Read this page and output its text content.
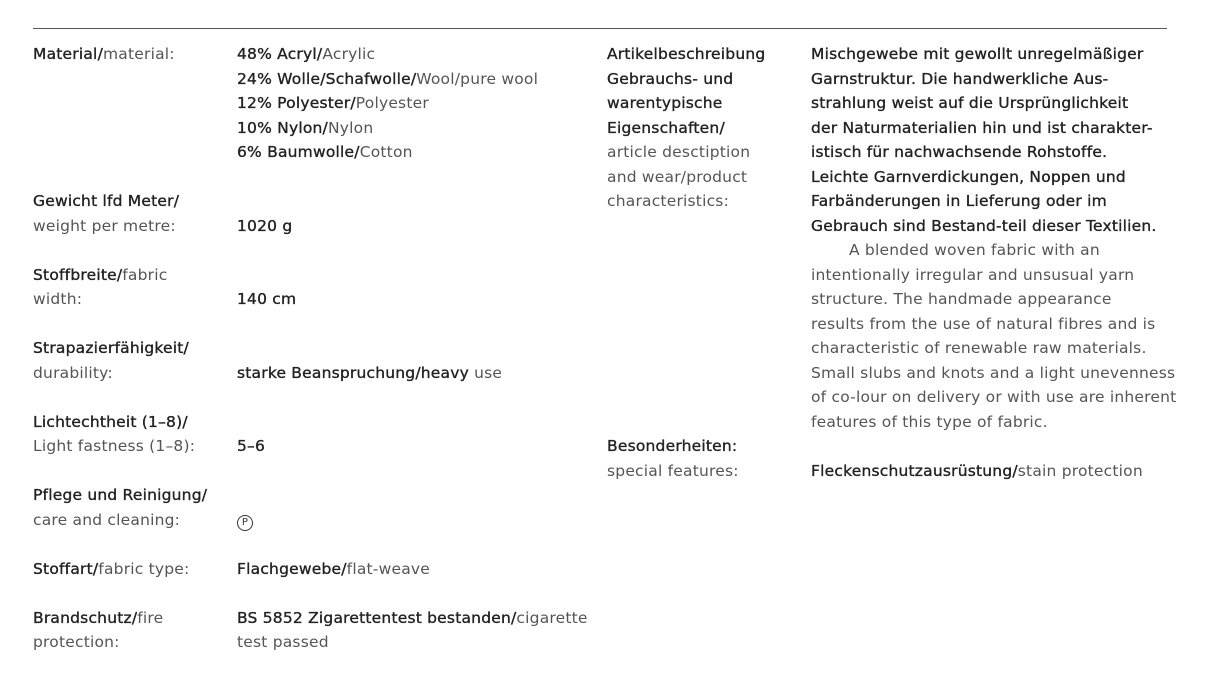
Material/material:
Gewicht lfd Meter/
weight per metre:
Stoffbreite/fabric
width:
Strapazierfähigkeit/
durability:
Lichtechtheit (1–8)/
Light fastness (1–8):
Pflege und Reinigung/
care and cleaning:
Stoffart/fabric type:
Brandschutz/fire
protection:
48% Acryl/Acrylic
24% Wolle/Schafwolle/Wool/pure wool
12% Polyester/Polyester
10% Nylon/Nylon
6% Baumwolle/Cotton
1020 g
140 cm
starke Beanspruchung/heavy use
5–6
P
Flachgewebe/flat-weave
BS 5852 Zigarettentest bestanden/cigarette
test passed
Artikelbeschreibung
Gebrauchs- und
warentypische
Eigenschaften/
article desctiption
and wear/product
characteristics:
Besonderheiten:
special features:
Mischgewebe mit gewollt unregelmäßiger
Garnstruktur. Die handwerkliche Aus-
strahlung weist auf die Ursprünglichkeit
der Naturmaterialien hin und ist charakter-
istisch für nachwachsende Rohstoffe.
Leichte Garnverdickungen, Noppen und
Farbänderungen in Lieferung oder im
Gebrauch sind Bestand-teil dieser Textilien.
A blended woven fabric with an
intentionally irregular and unsusual yarn
structure. The handmade appearance
results from the use of natural fibres and is
characteristic of renewable raw materials.
Small slubs and knots and a light unevenness
of co-lour on delivery or with use are inherent
features of this type of fabric.
Fleckenschutzausrüstung/stain protection
